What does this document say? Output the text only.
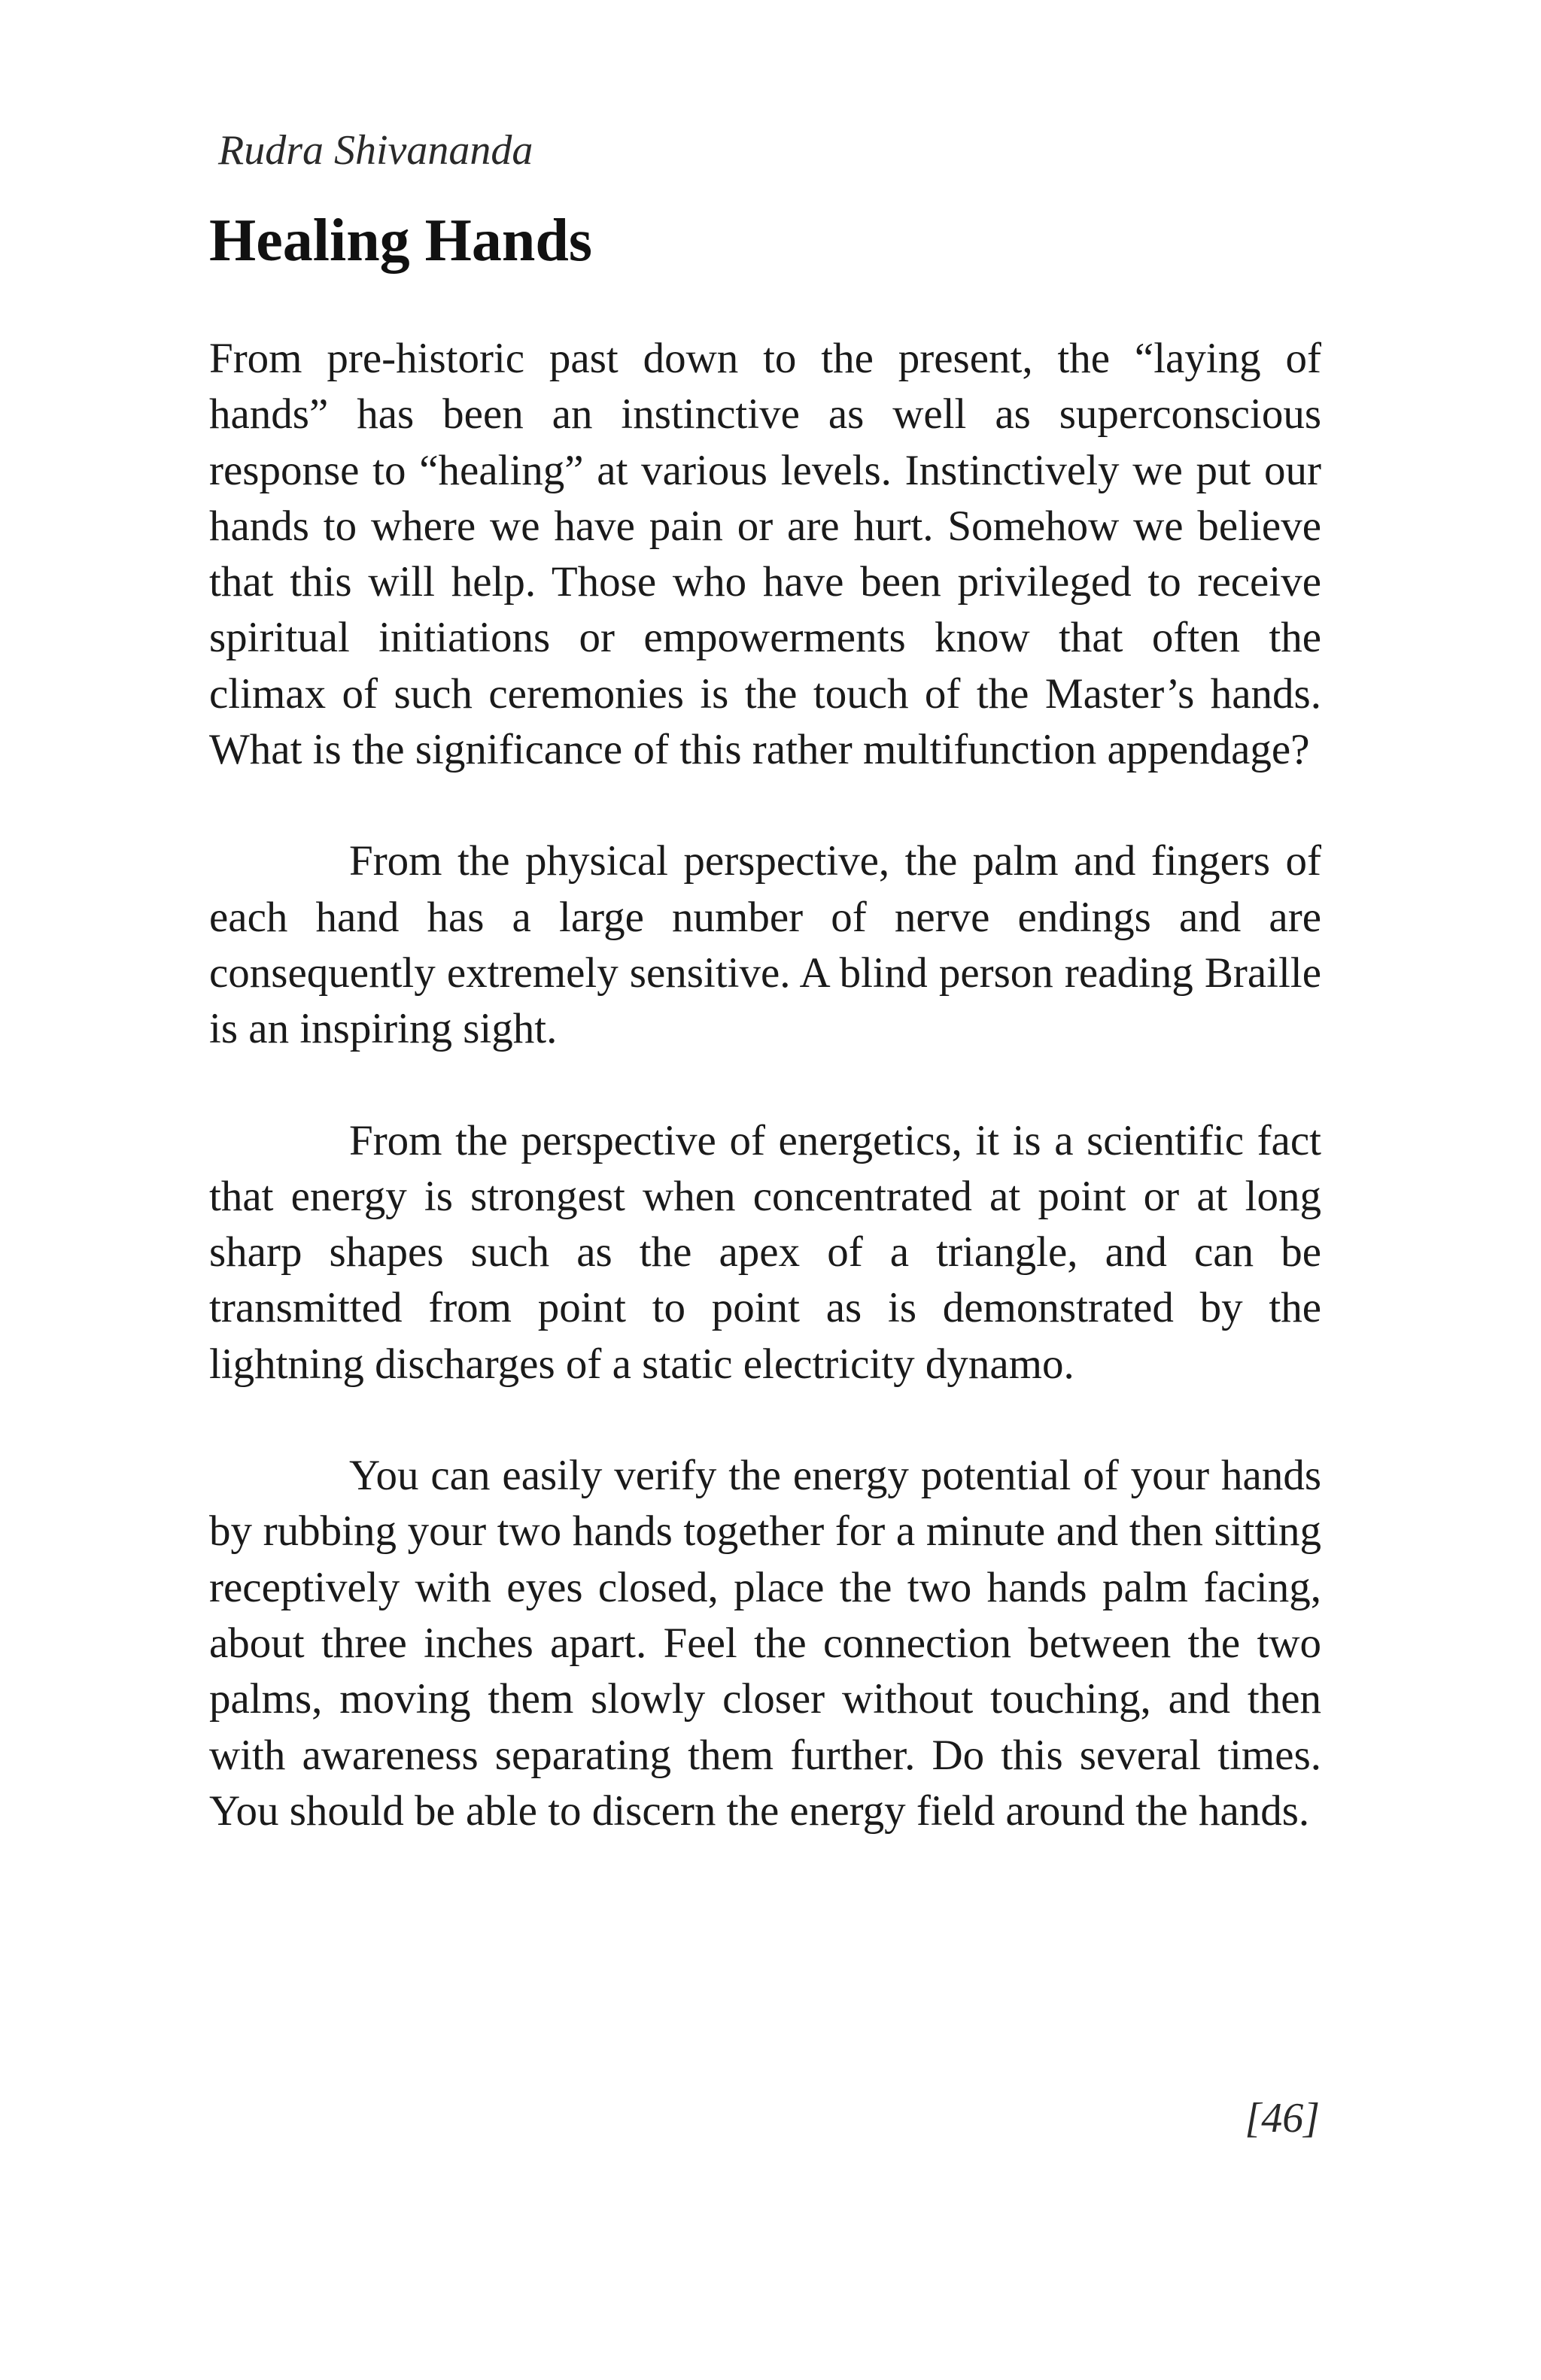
Rudra Shivananda
Healing Hands

From pre-historic past down to the present, the “laying of hands” has been an instinctive as well as superconscious response to “healing” at various levels. Instinctively we put our hands to where we have pain or are hurt. Somehow we believe that this will help. Those who have been privileged to receive spiritual initiations or empowerments know that often the climax of such ceremonies is the touch of the Master’s hands. What is the significance of this rather multifunction appendage?

From the physical perspective, the palm and fingers of each hand has a large number of nerve endings and are consequently extremely sensitive. A blind person reading Braille is an inspiring sight.

From the perspective of energetics, it is a scientific fact that energy is strongest when concentrated at point or at long sharp shapes such as the apex of a triangle, and can be transmitted from point to point as is demonstrated by the lightning discharges of a static electricity dynamo.

You can easily verify the energy potential of your hands by rubbing your two hands together for a minute and then sitting receptively with eyes closed, place the two hands palm facing, about three inches apart. Feel the connection between the two palms, moving them slowly closer without touching, and then with awareness separating them further. Do this several times. You should be able to discern the energy field around the hands.

[46]
